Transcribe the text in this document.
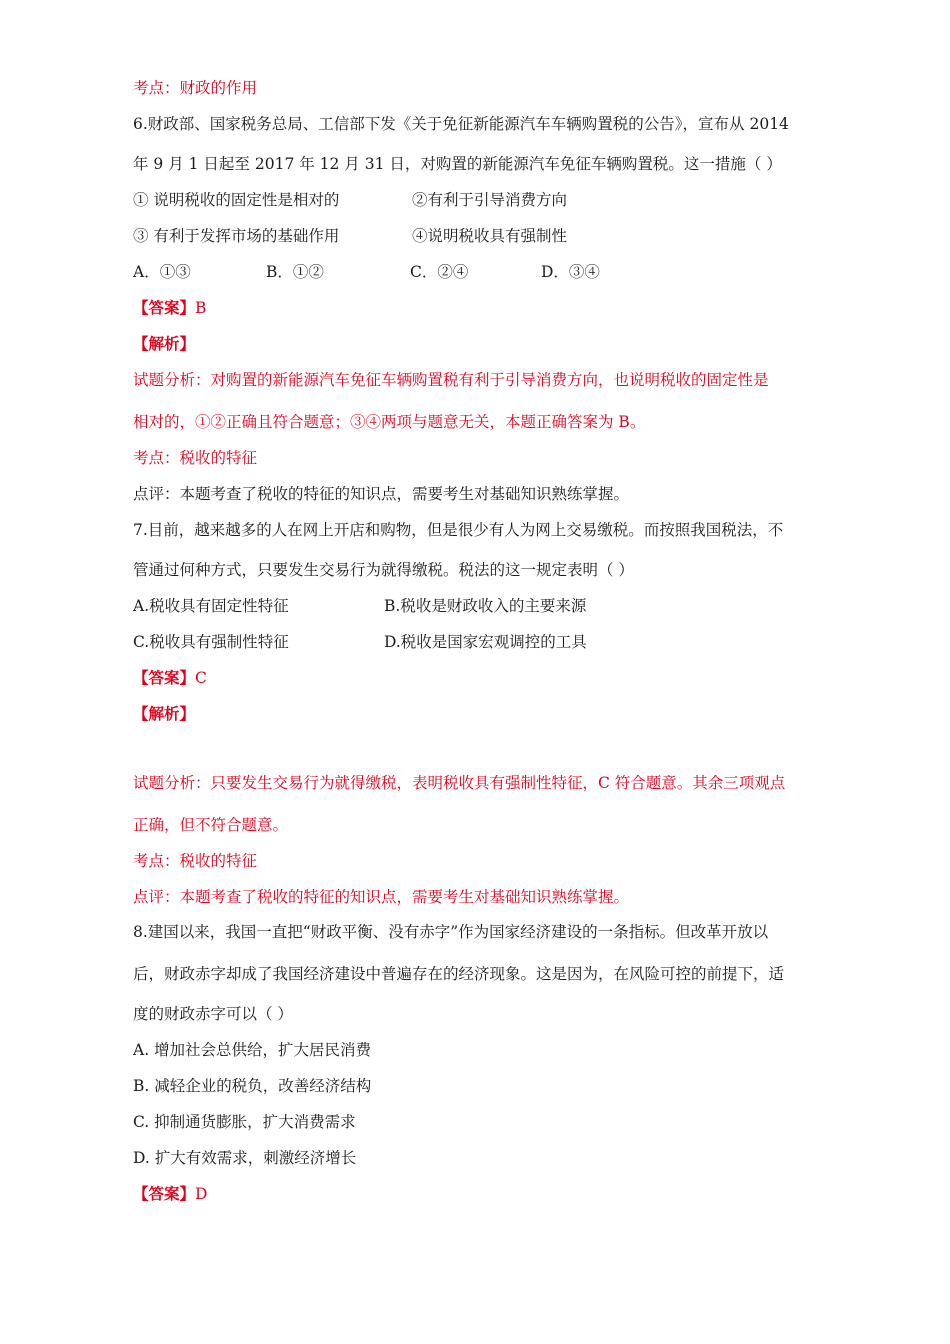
考点：财政的作用
6.财政部、国家税务总局、工信部下发《关于免征新能源汽车车辆购置税的公告》，宣布从 2014
年 9 月 1 日起至 2017 年 12 月 31 日，对购置的新能源汽车免征车辆购置税。这一措施（ ）
① 说明税收的固定性是相对的	②有利于引导消费方向
③ 有利于发挥市场的基础作用	④说明税收具有强制性
A．①③	B．①②	C．②④	D．③④
【答案】B
【解析】
试题分析：对购置的新能源汽车免征车辆购置税有利于引导消费方向，也说明税收的固定性是
相对的，①②正确且符合题意；③④两项与题意无关，本题正确答案为 B。
考点：税收的特征
点评：本题考查了税收的特征的知识点，需要考生对基础知识熟练掌握。
7.目前，越来越多的人在网上开店和购物，但是很少有人为网上交易缴税。而按照我国税法，不
管通过何种方式，只要发生交易行为就得缴税。税法的这一规定表明（ ）
A.税收具有固定性特征	B.税收是财政收入的主要来源
C.税收具有强制性特征	D.税收是国家宏观调控的工具
【答案】C
【解析】
试题分析：只要发生交易行为就得缴税，表明税收具有强制性特征，C 符合题意。其余三项观点
正确，但不符合题意。
考点：税收的特征
点评：本题考查了税收的特征的知识点，需要考生对基础知识熟练掌握。
8.建国以来，我国一直把“财政平衡、没有赤字”作为国家经济建设的一条指标。但改革开放以
后，财政赤字却成了我国经济建设中普遍存在的经济现象。这是因为，在风险可控的前提下，适
度的财政赤字可以（ ）
A. 增加社会总供给，扩大居民消费
B. 减轻企业的税负，改善经济结构
C. 抑制通货膨胀，扩大消费需求
D. 扩大有效需求，刺激经济增长
【答案】D
